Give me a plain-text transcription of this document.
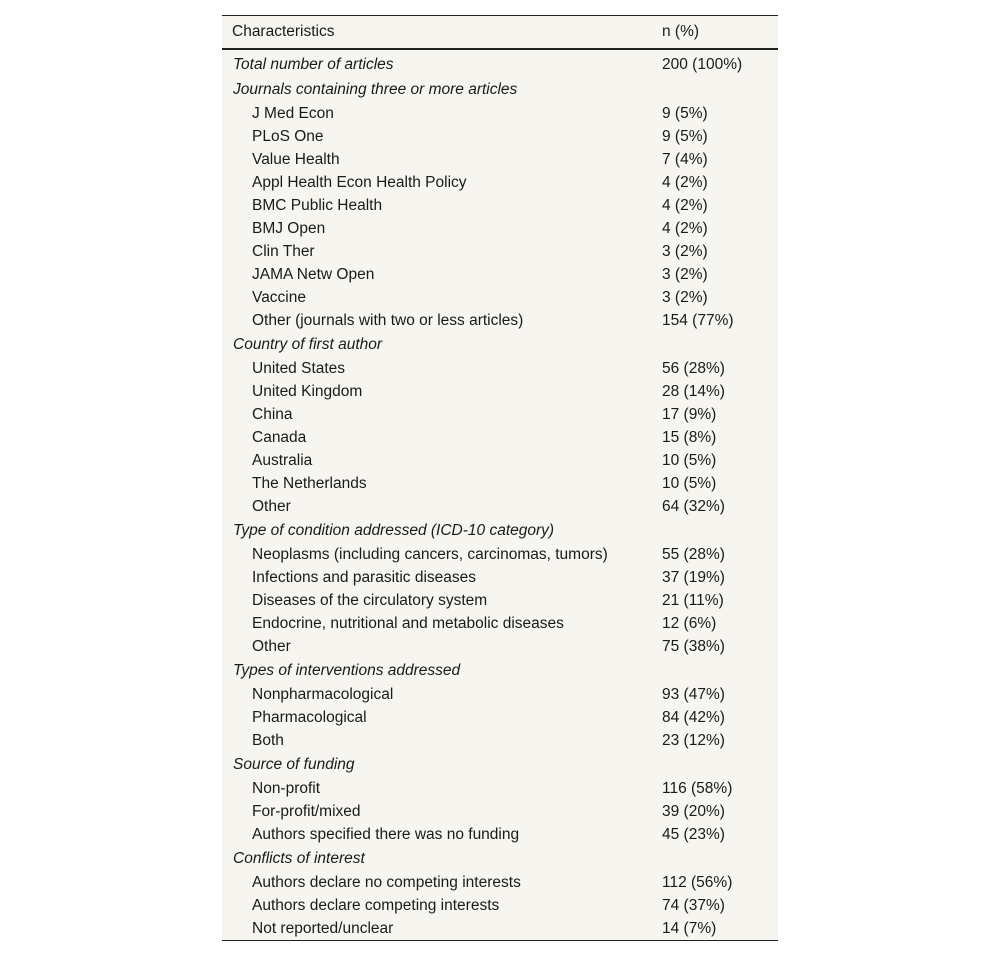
Characteristics	n (%)
Total number of articles	200 (100%)
Journals containing three or more articles	
J Med Econ	9 (5%)
PLoS One	9 (5%)
Value Health	7 (4%)
Appl Health Econ Health Policy	4 (2%)
BMC Public Health	4 (2%)
BMJ Open	4 (2%)
Clin Ther	3 (2%)
JAMA Netw Open	3 (2%)
Vaccine	3 (2%)
Other (journals with two or less articles)	154 (77%)
Country of first author	
United States	56 (28%)
United Kingdom	28 (14%)
China	17 (9%)
Canada	15 (8%)
Australia	10 (5%)
The Netherlands	10 (5%)
Other	64 (32%)
Type of condition addressed (ICD-10 category)	
Neoplasms (including cancers, carcinomas, tumors)	55 (28%)
Infections and parasitic diseases	37 (19%)
Diseases of the circulatory system	21 (11%)
Endocrine, nutritional and metabolic diseases	12 (6%)
Other	75 (38%)
Types of interventions addressed	
Nonpharmacological	93 (47%)
Pharmacological	84 (42%)
Both	23 (12%)
Source of funding	
Non-profit	116 (58%)
For-profit/mixed	39 (20%)
Authors specified there was no funding	45 (23%)
Conflicts of interest	
Authors declare no competing interests	112 (56%)
Authors declare competing interests	74 (37%)
Not reported/unclear	14 (7%)
